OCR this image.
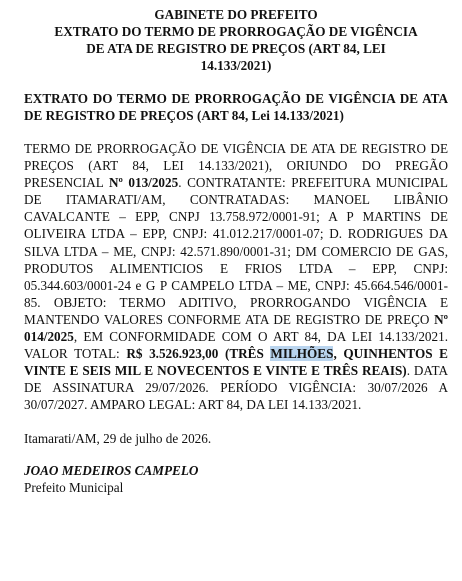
GABINETE DO PREFEITO
EXTRATO DO TERMO DE PRORROGAÇÃO DE VIGÊNCIA
DE ATA DE REGISTRO DE PREÇOS (ART 84, LEI
14.133/2021)
EXTRATO DO TERMO DE PRORROGAÇÃO DE VIGÊNCIA DE ATA DE REGISTRO DE PREÇOS (ART 84, Lei 14.133/2021)
TERMO DE PRORROGAÇÃO DE VIGÊNCIA DE ATA DE REGISTRO DE PREÇOS (ART 84, LEI 14.133/2021), ORIUNDO DO PREGÃO PRESENCIAL Nº 013/2025. CONTRATANTE: PREFEITURA MUNICIPAL DE ITAMARATI/AM, CONTRATADAS: MANOEL LIBÂNIO CAVALCANTE – EPP, CNPJ 13.758.972/0001-91; A P MARTINS DE OLIVEIRA LTDA – EPP, CNPJ: 41.012.217/0001-07; D. RODRIGUES DA SILVA LTDA – ME, CNPJ: 42.571.890/0001-31; DM COMERCIO DE GAS, PRODUTOS ALIMENTICIOS E FRIOS LTDA – EPP, CNPJ: 05.344.603/0001-24 e G P CAMPELO LTDA – ME, CNPJ: 45.664.546/0001-85. OBJETO: TERMO ADITIVO, PRORROGANDO VIGÊNCIA E MANTENDO VALORES CONFORME ATA DE REGISTRO DE PREÇO Nº 014/2025, EM CONFORMIDADE COM O ART 84, DA LEI 14.133/2021. VALOR TOTAL: R$ 3.526.923,00 (TRÊS MILHÕES, QUINHENTOS E VINTE E SEIS MIL E NOVECENTOS E VINTE E TRÊS REAIS). DATA DE ASSINATURA 29/07/2026. PERÍODO VIGÊNCIA: 30/07/2026 A 30/07/2027. AMPARO LEGAL: ART 84, DA LEI 14.133/2021.
Itamarati/AM, 29 de julho de 2026.
JOAO MEDEIROS CAMPELO
Prefeito Municipal
